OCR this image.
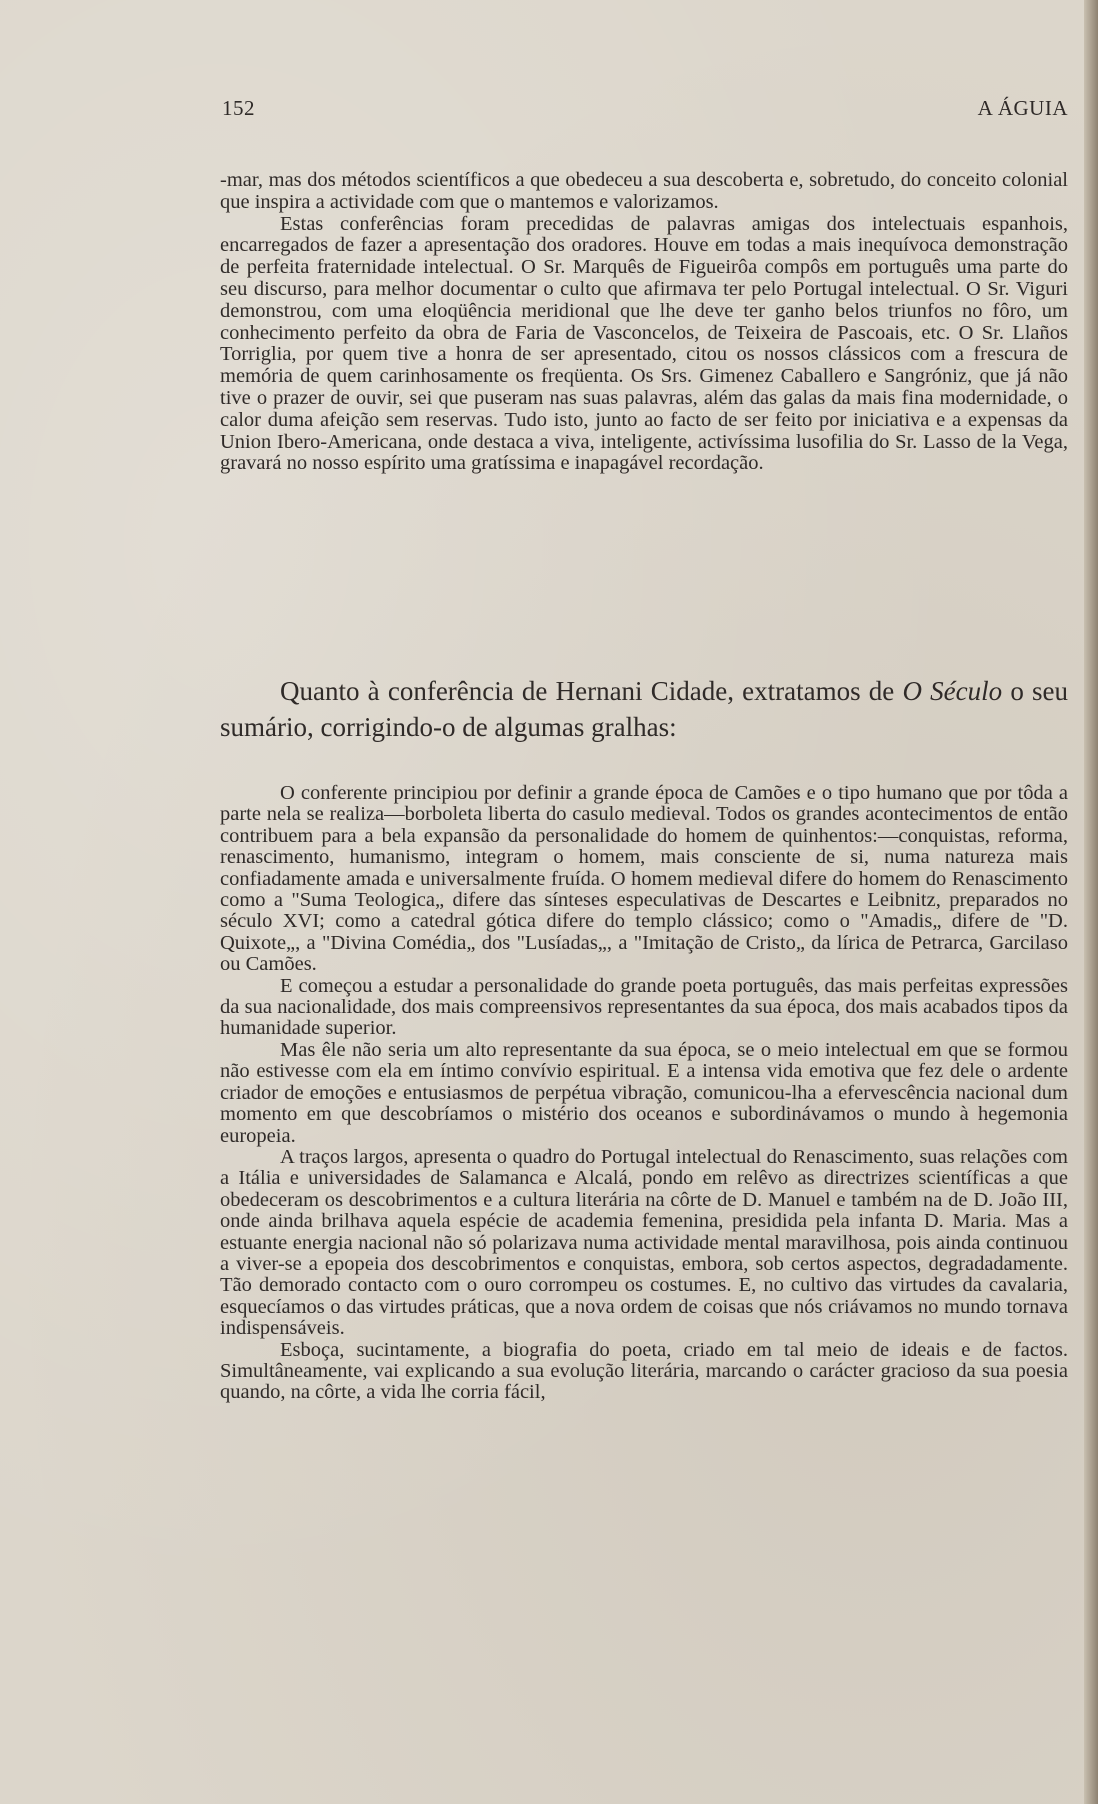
152	A ÁGUIA

-mar, mas dos métodos scientíficos a que obedeceu a sua descoberta e, sobretudo, do conceito colonial que inspira a actividade com que o mantemos e valorizamos.

Estas conferências foram precedidas de palavras amigas dos intelectuais espanhois, encarregados de fazer a apresentação dos oradores. Houve em todas a mais inequívoca demonstração de perfeita fraternidade intelectual. O Sr. Marquês de Figueirôa compôs em português uma parte do seu discurso, para melhor documentar o culto que afirmava ter pelo Portugal intelectual. O Sr. Viguri demonstrou, com uma eloqüência meridional que lhe deve ter ganho belos triunfos no fôro, um conhecimento perfeito da obra de Faria de Vasconcelos, de Teixeira de Pascoais, etc. O Sr. Llaños Torriglia, por quem tive a honra de ser apresentado, citou os nossos clássicos com a frescura de memória de quem carinhosamente os freqüenta. Os Srs. Gimenez Caballero e Sangróniz, que já não tive o prazer de ouvir, sei que puseram nas suas palavras, além das galas da mais fina modernidade, o calor duma afeição sem reservas. Tudo isto, junto ao facto de ser feito por iniciativa e a expensas da Union Ibero-Americana, onde destaca a viva, inteligente, activíssima lusofilia do Sr. Lasso de la Vega, gravará no nosso espírito uma gratíssima e inapagável recordação.

Quanto à conferência de Hernani Cidade, extratamos de O Século o seu sumário, corrigindo-o de algumas gralhas:

O conferente principiou por definir a grande época de Camões e o tipo humano que por tôda a parte nela se realiza—borboleta liberta do casulo medieval. Todos os grandes acontecimentos de então contribuem para a bela expansão da personalidade do homem de quinhentos:—conquistas, reforma, renascimento, humanismo, integram o homem, mais consciente de si, numa natureza mais confiadamente amada e universalmente fruída. O homem medieval difere do homem do Renascimento como a "Suma Teologica„ difere das sínteses especulativas de Descartes e Leibnitz, preparados no século XVI; como a catedral gótica difere do templo clássico; como o "Amadis„ difere de "D. Quixote„, a "Divina Comédia„ dos "Lusíadas„, a "Imitação de Cristo„ da lírica de Petrarca, Garcilaso ou Camões.

E começou a estudar a personalidade do grande poeta português, das mais perfeitas expressões da sua nacionalidade, dos mais compreensivos representantes da sua época, dos mais acabados tipos da humanidade superior.

Mas êle não seria um alto representante da sua época, se o meio intelectual em que se formou não estivesse com ela em íntimo convívio espiritual. E a intensa vida emotiva que fez dele o ardente criador de emoções e entusiasmos de perpétua vibração, comunicou-lha a efervescência nacional dum momento em que descobríamos o mistério dos oceanos e subordinávamos o mundo à hegemonia europeia.

A traços largos, apresenta o quadro do Portugal intelectual do Renascimento, suas relações com a Itália e universidades de Salamanca e Alcalá, pondo em relêvo as directrizes scientíficas a que obedeceram os descobrimentos e a cultura literária na côrte de D. Manuel e também na de D. João III, onde ainda brilhava aquela espécie de academia femenina, presidida pela infanta D. Maria. Mas a estuante energia nacional não só polarizava numa actividade mental maravilhosa, pois ainda continuou a viver-se a epopeia dos descobrimentos e conquistas, embora, sob certos aspectos, degradadamente. Tão demorado contacto com o ouro corrompeu os costumes. E, no cultivo das virtudes da cavalaria, esquecíamos o das virtudes práticas, que a nova ordem de coisas que nós criávamos no mundo tornava indispensáveis.

Esboça, sucintamente, a biografia do poeta, criado em tal meio de ideais e de factos. Simultâneamente, vai explicando a sua evolução literária, marcando o carácter gracioso da sua poesia quando, na côrte, a vida lhe corria fácil,
